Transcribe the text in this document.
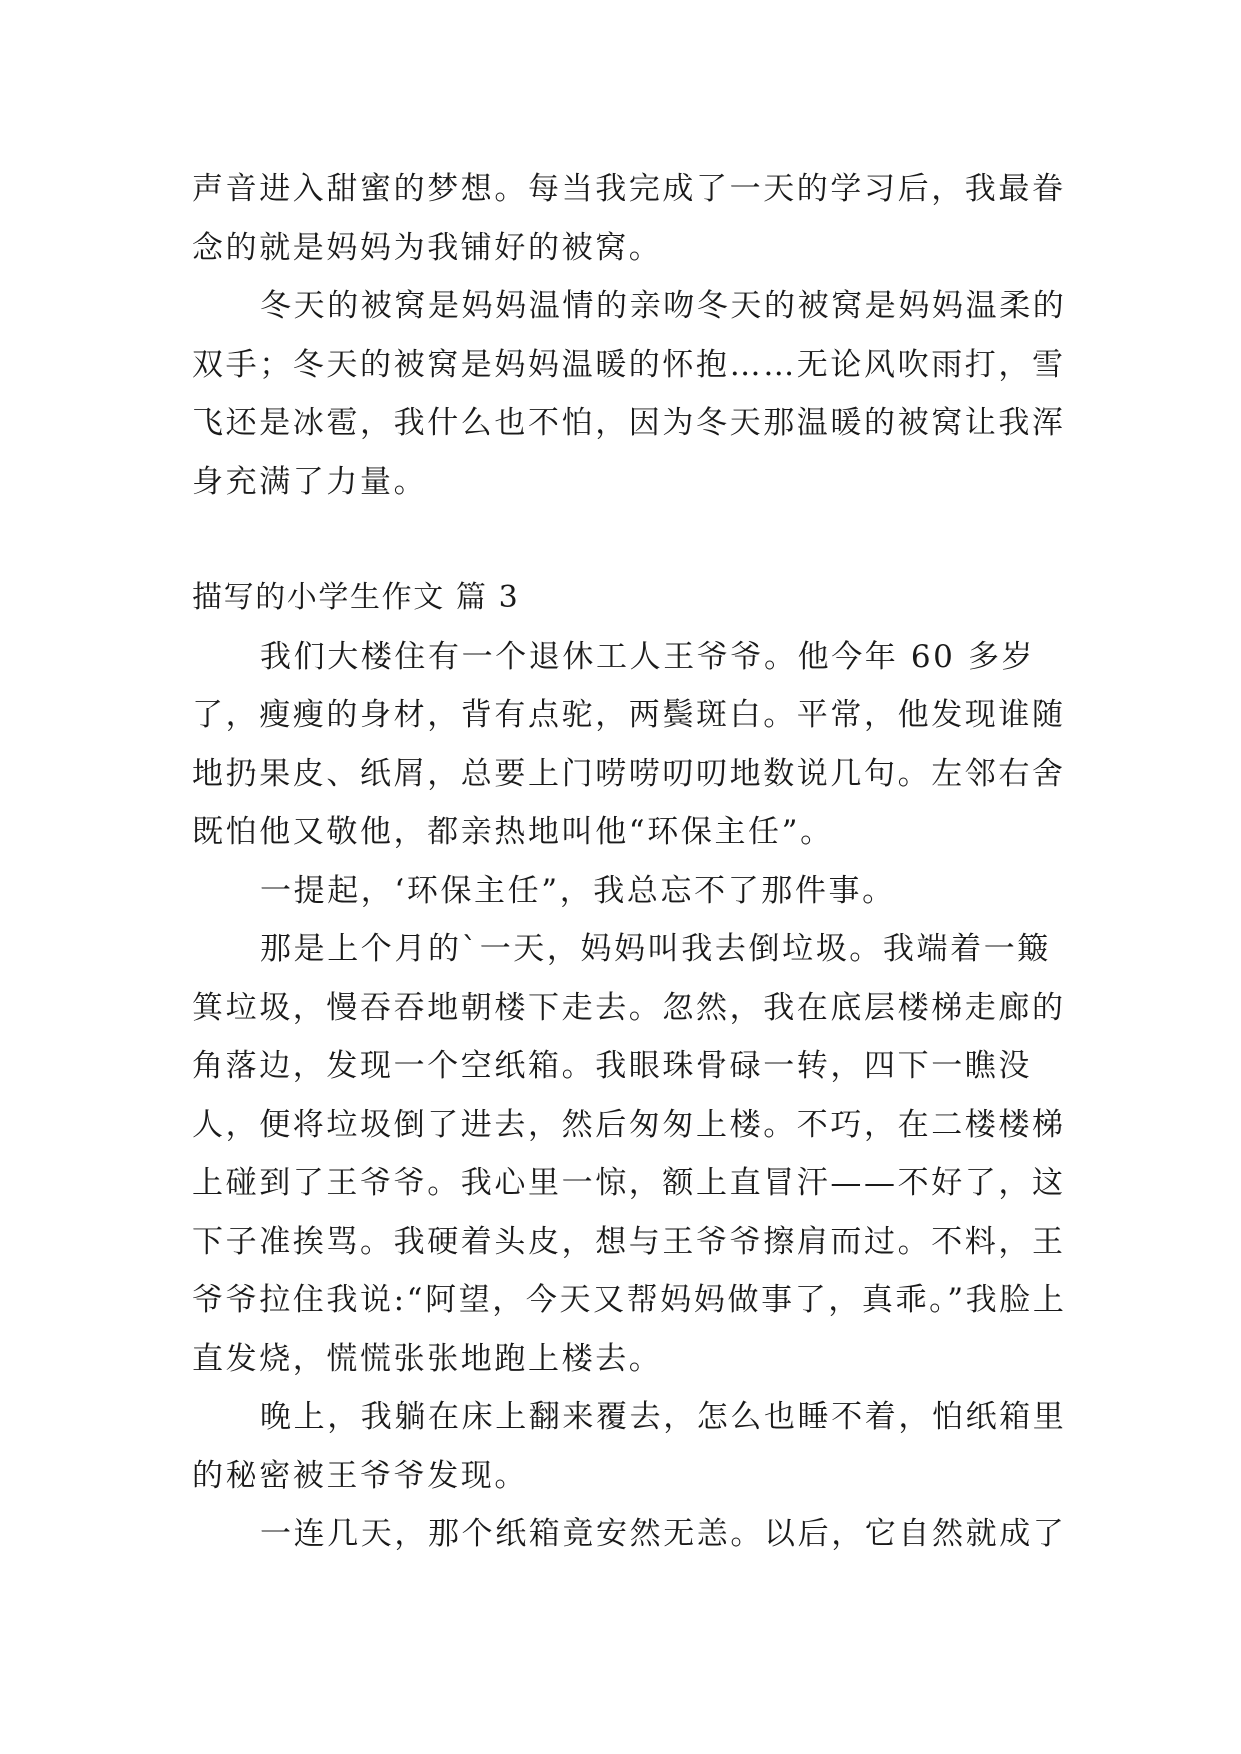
声音进入甜蜜的梦想。每当我完成了一天的学习后，我最眷念的就是妈妈为我铺好的被窝。

冬天的被窝是妈妈温情的亲吻冬天的被窝是妈妈温柔的双手；冬天的被窝是妈妈温暖的怀抱……无论风吹雨打，雪飞还是冰雹，我什么也不怕，因为冬天那温暖的被窝让我浑身充满了力量。

描写的小学生作文 篇 3

我们大楼住有一个退休工人王爷爷。他今年 60 多岁了，瘦瘦的身材，背有点驼，两鬓斑白。平常，他发现谁随地扔果皮、纸屑，总要上门唠唠叨叨地数说几句。左邻右舍既怕他又敬他，都亲热地叫他“环保主任”。

一提起，‘环保主任”，我总忘不了那件事。

那是上个月的`一天，妈妈叫我去倒垃圾。我端着一簸箕垃圾，慢吞吞地朝楼下走去。忽然，我在底层楼梯走廊的角落边，发现一个空纸箱。我眼珠骨碌一转，四下一瞧没人，便将垃圾倒了进去，然后匆匆上楼。不巧，在二楼楼梯上碰到了王爷爷。我心里一惊，额上直冒汗——不好了，这下子准挨骂。我硬着头皮，想与王爷爷擦肩而过。不料，王爷爷拉住我说:“阿望，今天又帮妈妈做事了，真乖。”我脸上直发烧，慌慌张张地跑上楼去。

晚上，我躺在床上翻来覆去，怎么也睡不着，怕纸箱里的秘密被王爷爷发现。

一连几天，那个纸箱竟安然无恙。以后，它自然就成了
